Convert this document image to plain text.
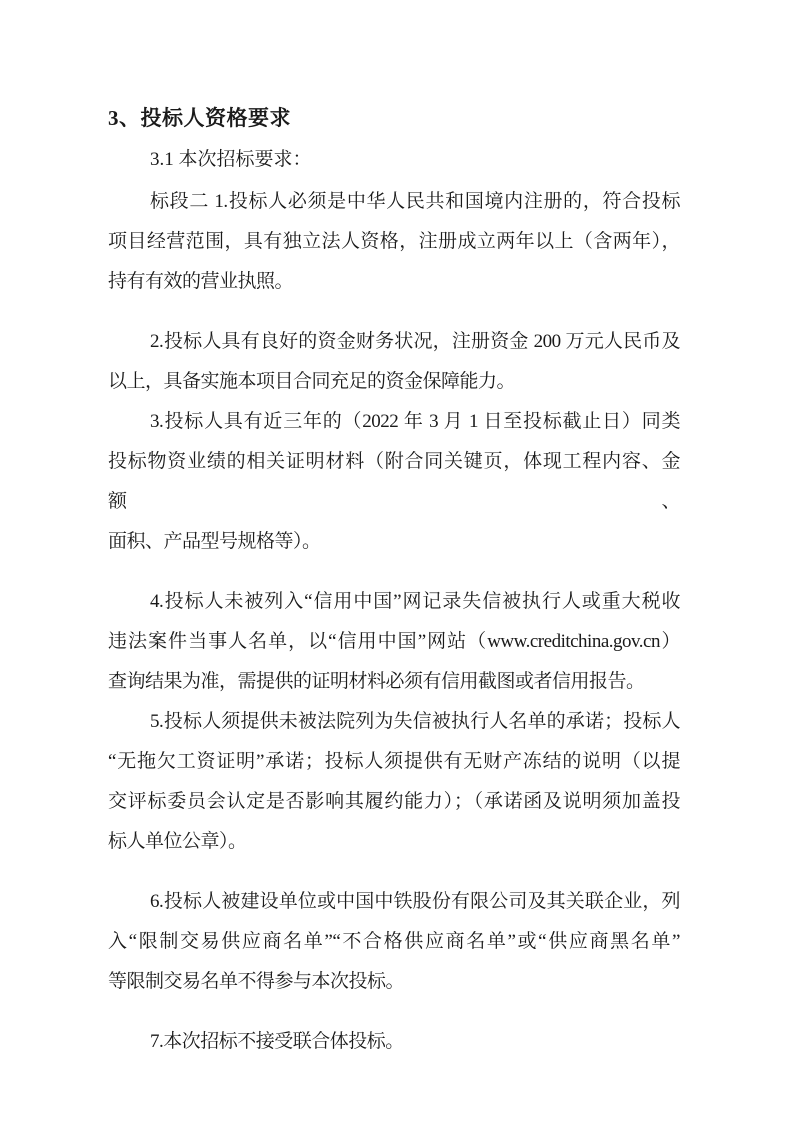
3、投标人资格要求

3.1 本次招标要求：

标段二 1.投标人必须是中华人民共和国境内注册的，符合投标
项目经营范围，具有独立法人资格，注册成立两年以上（含两年），
持有有效的营业执照。

2.投标人具有良好的资金财务状况，注册资金 200 万元人民币及
以上，具备实施本项目合同充足的资金保障能力。

3.投标人具有近三年的（2022 年 3 月 1 日至投标截止日）同类
投标物资业绩的相关证明材料（附合同关键页，体现工程内容、金额、
面积、产品型号规格等）。

4.投标人未被列入“信用中国”网记录失信被执行人或重大税收
违法案件当事人名单，以“信用中国”网站（www.creditchina.gov.cn）
查询结果为准，需提供的证明材料必须有信用截图或者信用报告。

5.投标人须提供未被法院列为失信被执行人名单的承诺；投标人
“无拖欠工资证明”承诺；投标人须提供有无财产冻结的说明（以提
交评标委员会认定是否影响其履约能力）；（承诺函及说明须加盖投
标人单位公章）。

6.投标人被建设单位或中国中铁股份有限公司及其关联企业，列
入“限制交易供应商名单”“不合格供应商名单”或“供应商黑名单”
等限制交易名单不得参与本次投标。

7.本次招标不接受联合体投标。
